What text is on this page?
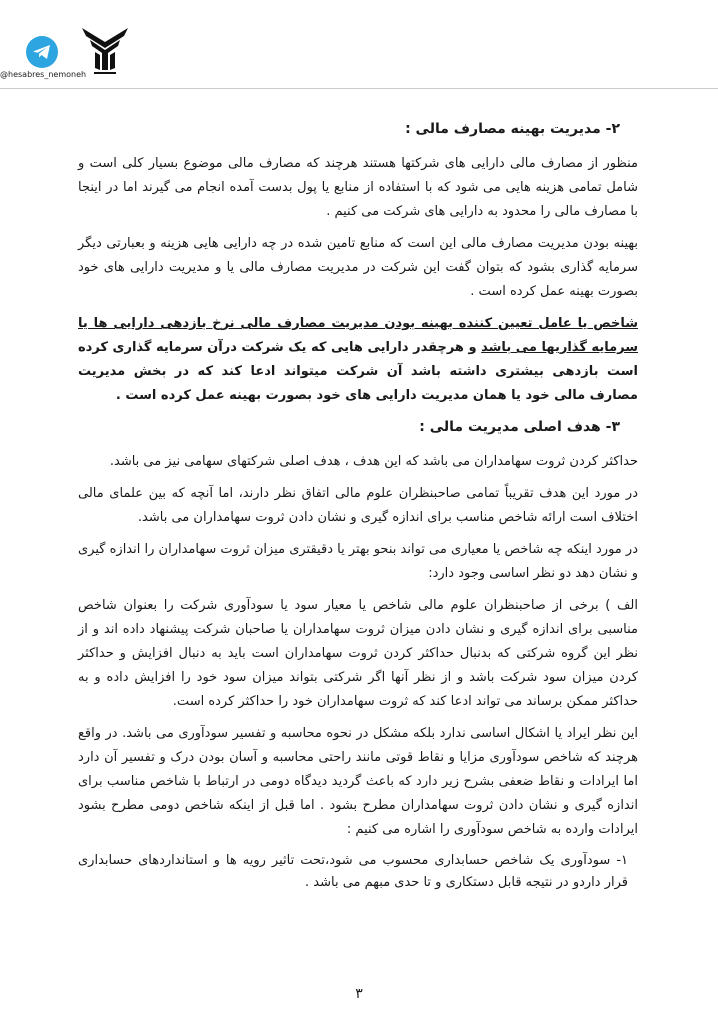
@hesabres_nemoneh
۲- مدیریت بهینه مصارف مالی :

منظور از مصارف مالی دارایی های شرکتها هستند هرچند که مصارف مالی موضوع بسیار کلی است و شامل تمامی هزینه هایی می شود که با استفاده از منابع یا پول بدست آمده انجام می گیرند اما در اینجا با مصارف مالی را محدود به دارایی های شرکت می کنیم .

بهینه بودن مدیریت مصارف مالی این است که منابع تامین شده در چه دارایی هایی هزینه و بعبارتی دیگر سرمایه گذاری بشود که بتوان گفت این شرکت در مدیریت مصارف مالی یا و مدیریت دارایی های خود بصورت بهینه عمل کرده است .

شاخص یا عامل تعیین کننده بهینه بودن مدیریت مصارف مالی نرخ بازدهی دارایی ها یا سرمایه گذاریها می باشد و هرچقدر دارایی هایی که یک شرکت درآن سرمایه گذاری کرده است بازدهی بیشتری داشته باشد آن شرکت میتواند ادعا کند که در بخش مدیریت مصارف مالی خود یا همان مدیریت دارایی های خود بصورت بهینه عمل کرده است .

۳- هدف اصلی مدیریت مالی :

حداکثر کردن ثروت سهامداران می باشد که این هدف ، هدف اصلی شرکتهای سهامی نیز می باشد.

در مورد این هدف تقریباً تمامی صاحبنظران علوم مالی اتفاق نظر دارند، اما آنچه که بین علمای مالی اختلاف است ارائه شاخص مناسب برای اندازه گیری و نشان دادن ثروت سهامداران می باشد.

در مورد اینکه چه شاخص یا معیاری می تواند بنحو بهتر یا دقیقتری میزان ثروت سهامداران را اندازه گیری و نشان دهد دو نظر اساسی وجود دارد:

الف ) برخی از صاحبنظران علوم مالی شاخص یا معیار سود یا سودآوری شرکت را بعنوان شاخص مناسبی برای اندازه گیری و نشان دادن میزان ثروت سهامداران یا صاحبان شرکت پیشنهاد داده اند و از نظر این گروه شرکتی که بدنبال حداکثر کردن ثروت سهامداران است باید به دنبال افزایش و حداکثر کردن میزان سود شرکت باشد و از نظر آنها اگر شرکتی بتواند میزان سود خود را افزایش داده و به حداکثر ممکن برساند می تواند ادعا کند که ثروت سهامداران خود را حداکثر کرده است.

این نظر ایراد یا اشکال اساسی ندارد بلکه مشکل در نحوه محاسبه و تفسیر سودآوری می باشد. در واقع هرچند که شاخص سودآوری مزایا و نقاط قوتی مانند راحتی محاسبه و آسان بودن درک و تفسیر آن دارد اما ایرادات و نقاط ضعفی بشرح زیر دارد که باعث گردید دیدگاه دومی در ارتباط با شاخص مناسب برای اندازه گیری و نشان دادن ثروت سهامداران مطرح بشود . اما قبل از اینکه شاخص دومی مطرح بشود ایرادات وارده به شاخص سودآوری را اشاره می کنیم :

۱-سودآوری یک شاخص حسابداری محسوب می شود،تحت تاثیر رویه ها و استانداردهای حسابداری قرار داردو در نتیجه قابل دستکاری و تا حدی مبهم می باشد .

۳
